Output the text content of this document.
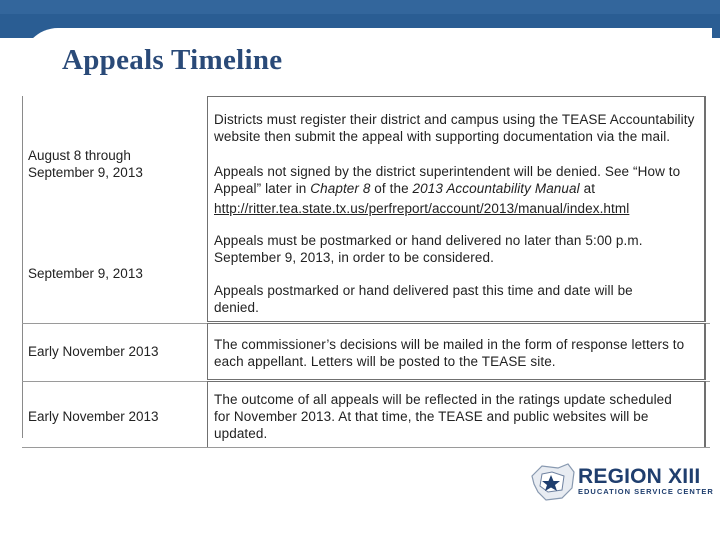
Appeals Timeline
August 8 through September 9, 2013
Districts must register their district and campus using the TEASE Accountability website then submit the appeal with supporting documentation via the mail.
Appeals not signed by the district superintendent will be denied. See “How to Appeal” later in Chapter 8 of the 2013 Accountability Manual at
http://ritter.tea.state.tx.us/perfreport/account/2013/manual/index.html
September 9, 2013
Appeals must be postmarked or hand delivered no later than 5:00 p.m. September 9, 2013, in order to be considered.
Appeals postmarked or hand delivered past this time and date will be denied.
Early November 2013	The commissioner’s decisions will be mailed in the form of response letters to each appellant. Letters will be posted to the TEASE site.
Early November 2013
The outcome of all appeals will be reflected in the ratings update scheduled for November 2013. At that time, the TEASE and public websites will be updated.
REGION XIII
EDUCATION SERVICE CENTER
